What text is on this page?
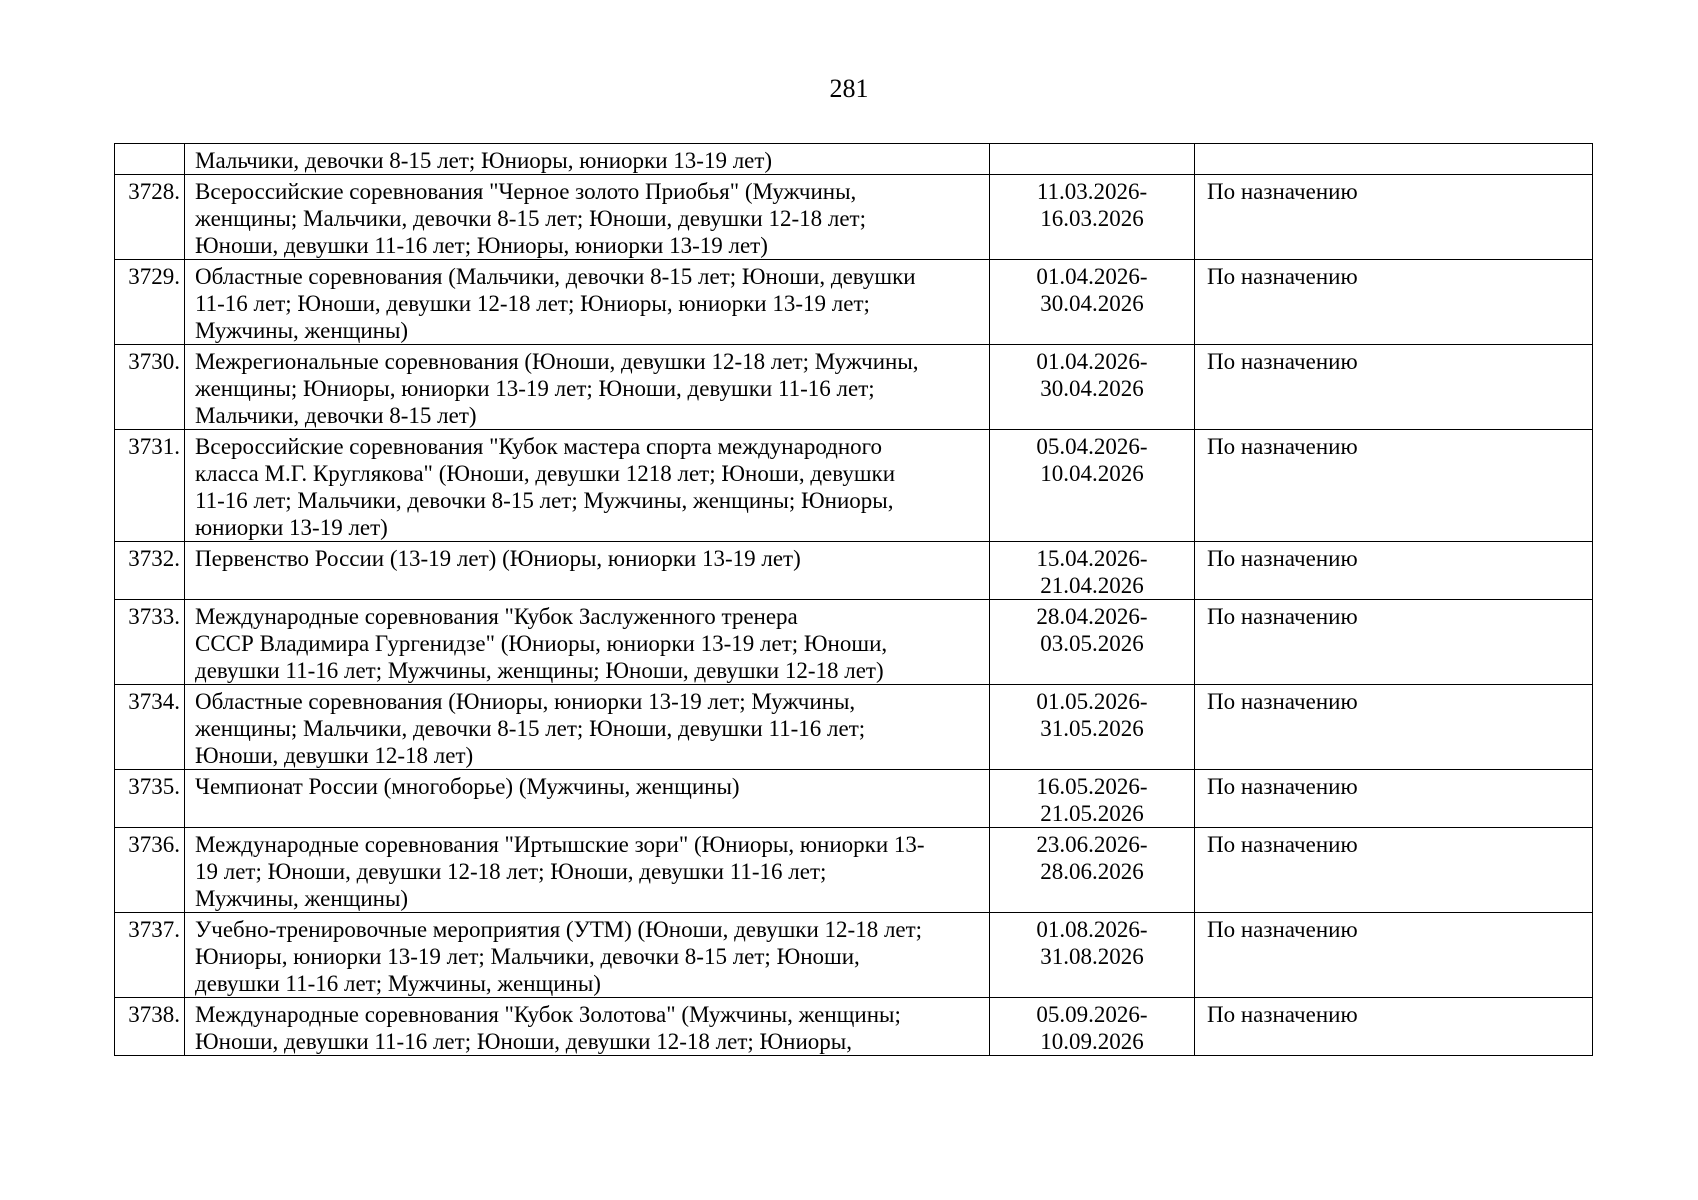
281

	Мальчики, девочки 8-15 лет; Юниоры, юниорки 13-19 лет)		

3728.	Всероссийские соревнования "Черное золото Приобья" (Мужчины,
женщины; Мальчики, девочки 8-15 лет; Юноши, девушки 12-18 лет;
Юноши, девушки 11-16 лет; Юниоры, юниорки 13-19 лет)	11.03.2026-
16.03.2026	По назначению
3729.	Областные соревнования (Мальчики, девочки 8-15 лет; Юноши, девушки
11-16 лет; Юноши, девушки 12-18 лет; Юниоры, юниорки 13-19 лет;
Мужчины, женщины)	01.04.2026-
30.04.2026	По назначению
3730.	Межрегиональные соревнования (Юноши, девушки 12-18 лет; Мужчины,
женщины; Юниоры, юниорки 13-19 лет; Юноши, девушки 11-16 лет;
Мальчики, девочки 8-15 лет)	01.04.2026-
30.04.2026	По назначению
3731.	Всероссийские соревнования "Кубок мастера спорта международного
класса М.Г. Круглякова" (Юноши, девушки 1218 лет; Юноши, девушки
11-16 лет; Мальчики, девочки 8-15 лет; Мужчины, женщины; Юниоры,
юниорки 13-19 лет)	05.04.2026-
10.04.2026	По назначению
3732.	Первенство России (13-19 лет) (Юниоры, юниорки 13-19 лет)	15.04.2026-
21.04.2026	По назначению
3733.	Международные соревнования "Кубок Заслуженного тренера
СССР Владимира Гургенидзе" (Юниоры, юниорки 13-19 лет; Юноши,
девушки 11-16 лет; Мужчины, женщины; Юноши, девушки 12-18 лет)	28.04.2026-
03.05.2026	По назначению
3734.	Областные соревнования (Юниоры, юниорки 13-19 лет; Мужчины,
женщины; Мальчики, девочки 8-15 лет; Юноши, девушки 11-16 лет;
Юноши, девушки 12-18 лет)	01.05.2026-
31.05.2026	По назначению
3735.	Чемпионат России (многоборье) (Мужчины, женщины)	16.05.2026-
21.05.2026	По назначению
3736.	Международные соревнования "Иртышские зори" (Юниоры, юниорки 13-
19 лет; Юноши, девушки 12-18 лет; Юноши, девушки 11-16 лет;
Мужчины, женщины)	23.06.2026-
28.06.2026	По назначению
3737.	Учебно-тренировочные мероприятия (УТМ) (Юноши, девушки 12-18 лет;
Юниоры, юниорки 13-19 лет; Мальчики, девочки 8-15 лет; Юноши,
девушки 11-16 лет; Мужчины, женщины)	01.08.2026-
31.08.2026	По назначению
3738.	Международные соревнования "Кубок Золотова" (Мужчины, женщины;
Юноши, девушки 11-16 лет; Юноши, девушки 12-18 лет; Юниоры,	05.09.2026-
10.09.2026	По назначению
